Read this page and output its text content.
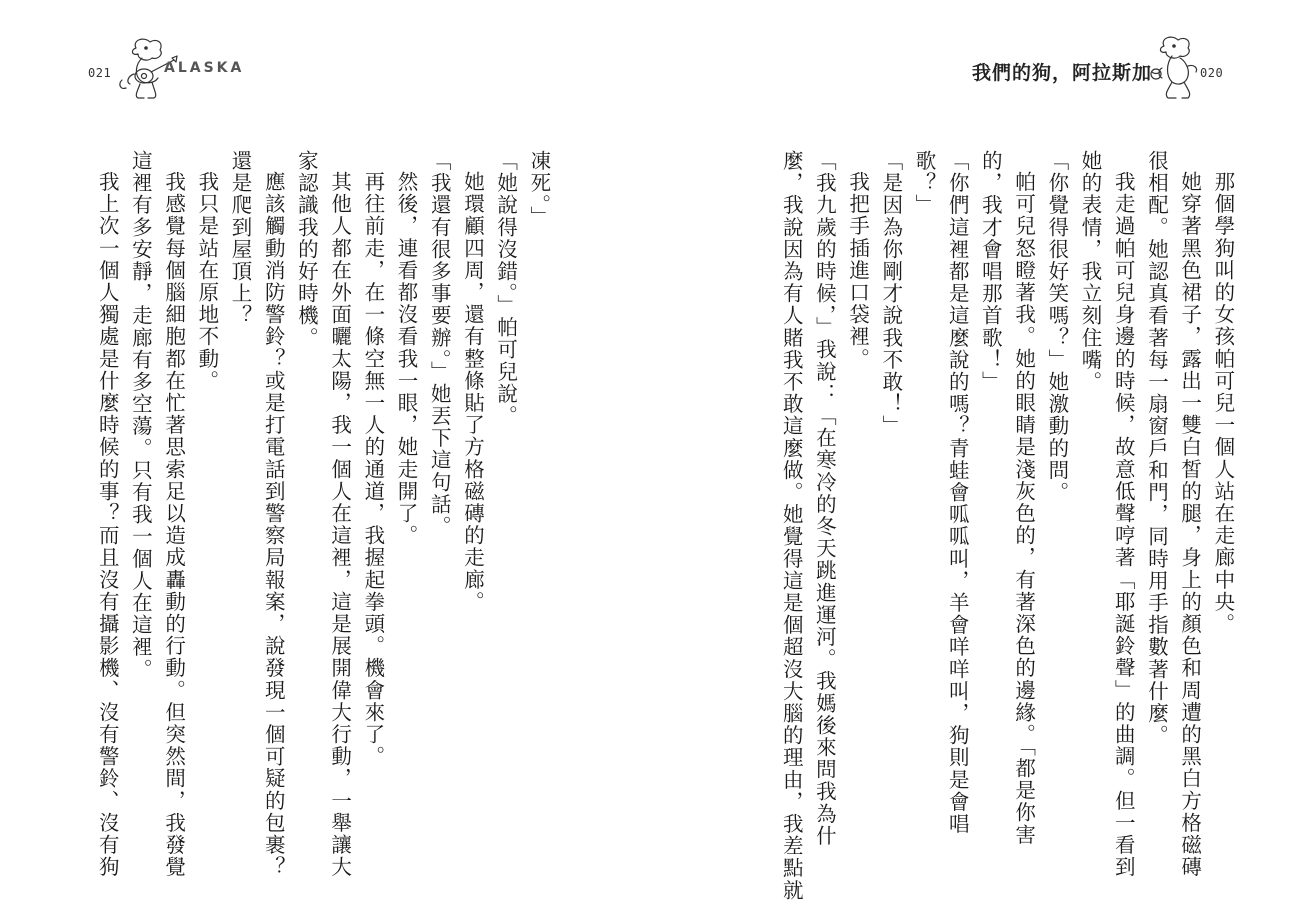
021	ALASKA
凍死。」
「她說得沒錯。」帕可兒說。
她環顧四周，還有整條貼了方格磁磚的走廊。
「我還有很多事要辦。」她丟下這句話。
然後，連看都沒看我一眼，她走開了。
再往前走，在一條空無一人的通道，我握起拳頭。機會來了。
其他人都在外面曬太陽，我一個人在這裡，這是展開偉大行動，一舉讓大
家認識我的好時機。
應該觸動消防警鈴？或是打電話到警察局報案，說發現一個可疑的包裹？
還是爬到屋頂上？
我只是站在原地不動。
我感覺每個腦細胞都在忙著思索足以造成轟動的行動。但突然間，我發覺
這裡有多安靜，走廊有多空蕩。只有我一個人在這裡。
我上次一個人獨處是什麼時候的事？而且沒有攝影機、沒有警鈴、沒有狗
我們的狗，阿拉斯加	020
那個學狗叫的女孩帕可兒一個人站在走廊中央。
她穿著黑色裙子，露出一雙白皙的腿，身上的顏色和周遭的黑白方格磁磚
很相配。她認真看著每一扇窗戶和門，同時用手指數著什麼。
我走過帕可兒身邊的時候，故意低聲哼著「耶誕鈴聲」的曲調。但一看到
她的表情，我立刻住嘴。
「你覺得很好笑嗎？」她激動的問。
帕可兒怒瞪著我。她的眼睛是淺灰色的，有著深色的邊緣。「都是你害
的，我才會唱那首歌！」
「你們這裡都是這麼說的嗎？青蛙會呱呱叫，羊會咩咩叫，狗則是會唱
歌？」
「是因為你剛才說我不敢！」
我把手插進口袋裡。
「我九歲的時候，」我說：「在寒冷的冬天跳進運河。我媽後來問我為什
麼，我說因為有人賭我不敢這麼做。她覺得這是個超沒大腦的理由，我差點就
